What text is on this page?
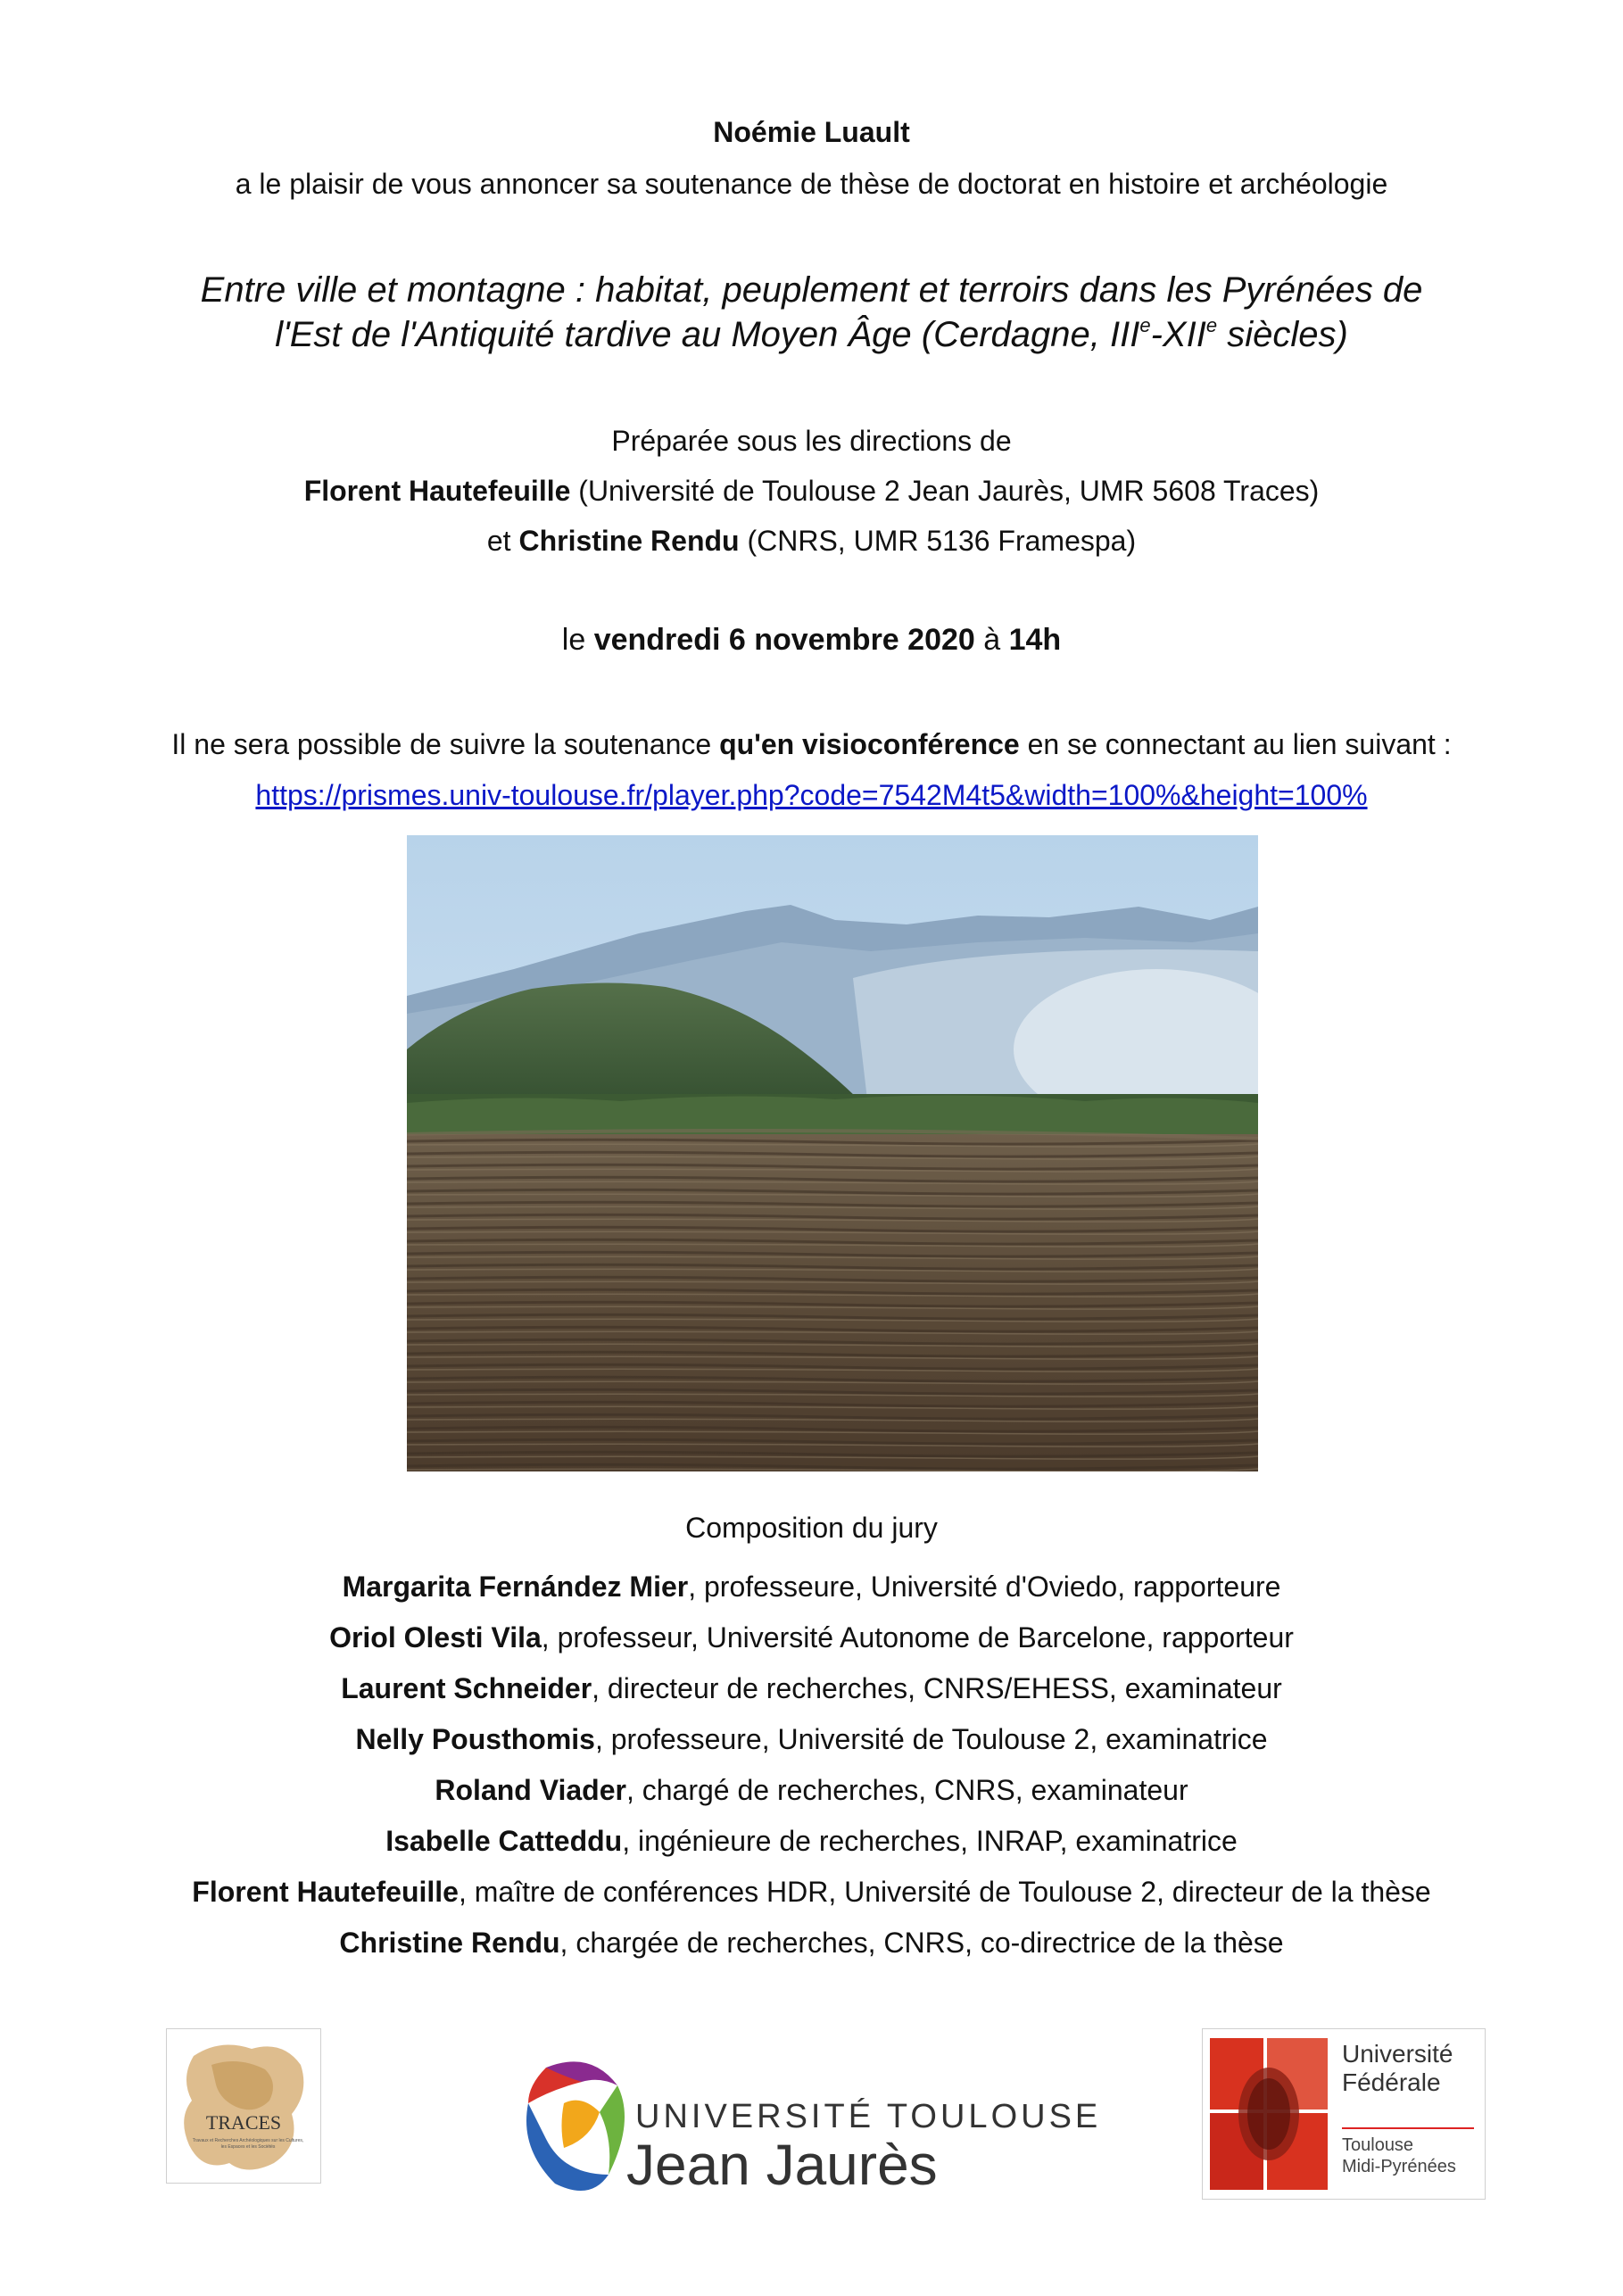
Noémie Luault
a le plaisir de vous annoncer sa soutenance de thèse de doctorat en histoire et archéologie
Entre ville et montagne : habitat, peuplement et terroirs dans les Pyrénées de
l'Est de l'Antiquité tardive au Moyen Âge (Cerdagne, IIIe-XIIe siècles)
Préparée sous les directions de
Florent Hautefeuille (Université de Toulouse 2 Jean Jaurès, UMR 5608 Traces)
et Christine Rendu (CNRS, UMR 5136 Framespa)
le vendredi 6 novembre 2020 à 14h
Il ne sera possible de suivre la soutenance qu'en visioconférence en se connectant au lien suivant :
https://prismes.univ-toulouse.fr/player.php?code=7542M4t5&width=100%&height=100%
Composition du jury
Margarita Fernández Mier, professeure, Université d'Oviedo, rapporteure
Oriol Olesti Vila, professeur, Université Autonome de Barcelone, rapporteur
Laurent Schneider, directeur de recherches, CNRS/EHESS, examinateur
Nelly Pousthomis, professeure, Université de Toulouse 2, examinatrice
Roland Viader, chargé de recherches, CNRS, examinateur
Isabelle Catteddu, ingénieure de recherches, INRAP, examinatrice
Florent Hautefeuille, maître de conférences HDR, Université de Toulouse 2, directeur de la thèse
Christine Rendu, chargée de recherches, CNRS, co-directrice de la thèse
TRACES
Travaux et Recherches Archéologiques sur les Cultures, les Espaces et les Sociétés
UNIVERSITÉ TOULOUSE
Jean Jaurès
Université
Fédérale
Toulouse
Midi-Pyrénées
